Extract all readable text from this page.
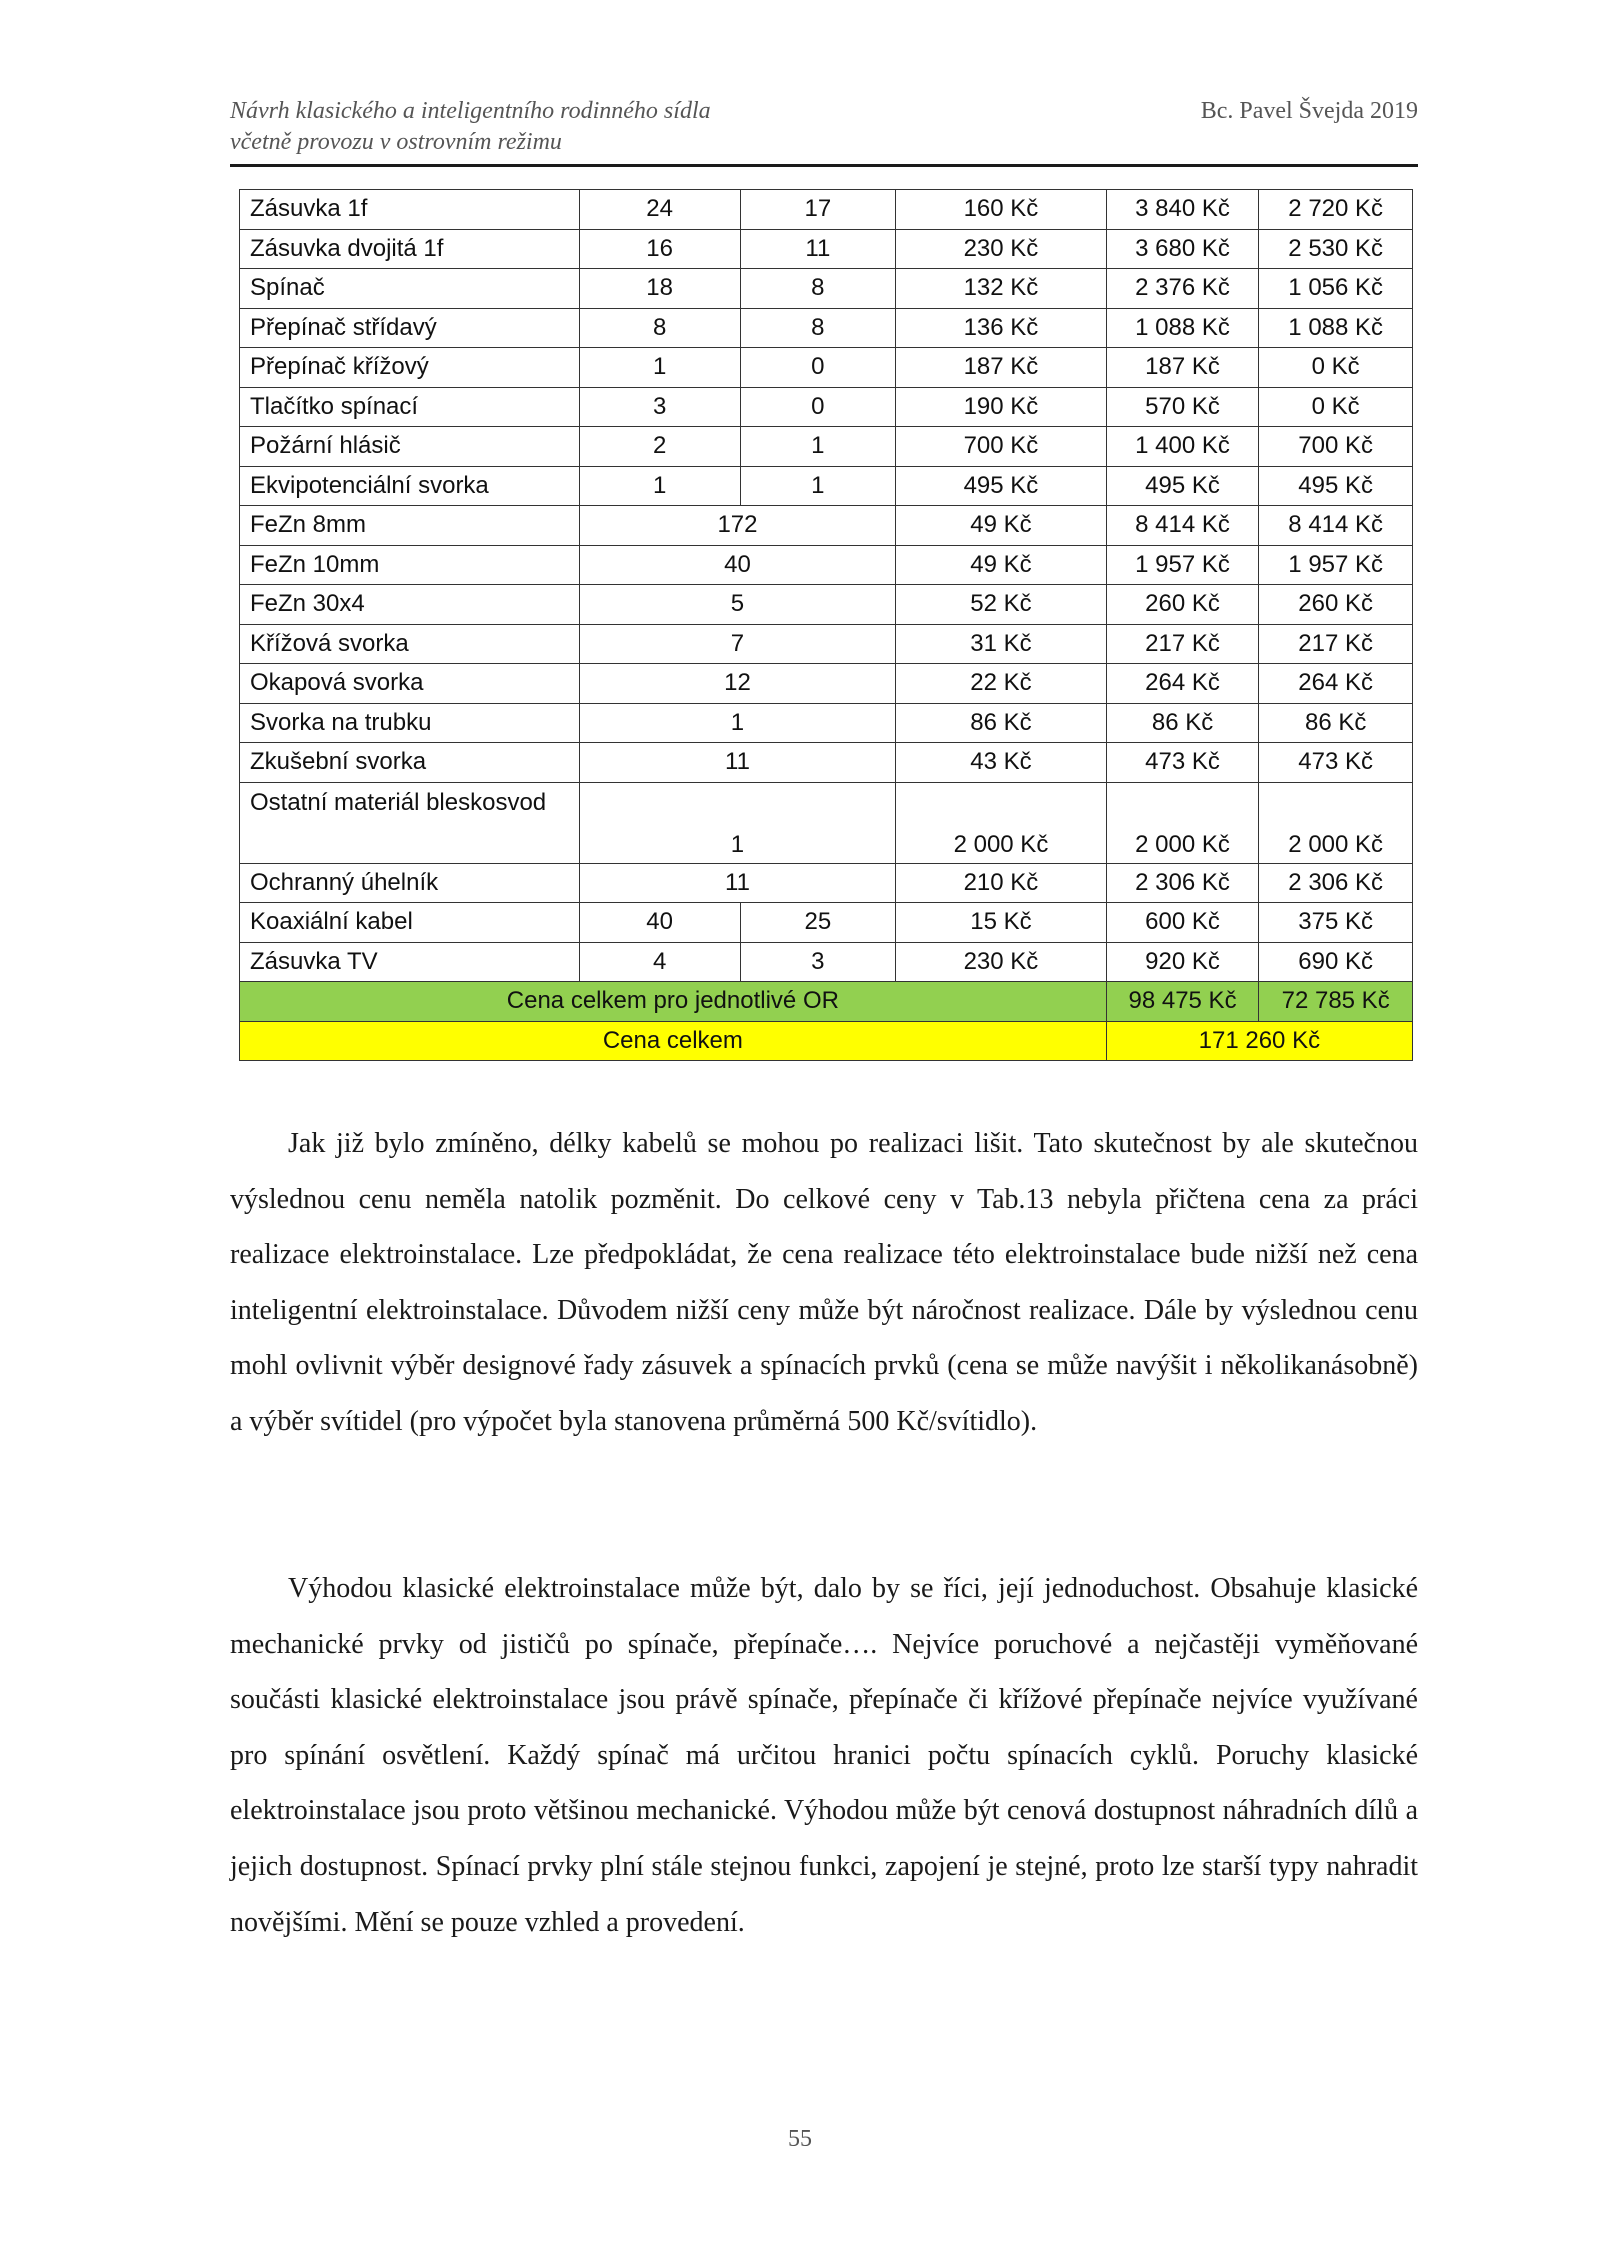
Návrh klasického a inteligentního rodinného sídla
včetně provozu v ostrovním režimu
Bc. Pavel Švejda 2019
Zásuvka 1f	24	17	160 Kč	3 840 Kč	2 720 Kč
Zásuvka dvojitá 1f	16	11	230 Kč	3 680 Kč	2 530 Kč
Spínač	18	8	132 Kč	2 376 Kč	1 056 Kč
Přepínač střídavý	8	8	136 Kč	1 088 Kč	1 088 Kč
Přepínač křížový	1	0	187 Kč	187 Kč	0 Kč
Tlačítko spínací	3	0	190 Kč	570 Kč	0 Kč
Požární hlásič	2	1	700 Kč	1 400 Kč	700 Kč
Ekvipotenciální svorka	1	1	495 Kč	495 Kč	495 Kč
FeZn 8mm	172		49 Kč	8 414 Kč	8 414 Kč
FeZn 10mm	40		49 Kč	1 957 Kč	1 957 Kč
FeZn 30x4	5		52 Kč	260 Kč	260 Kč
Křížová svorka	7		31 Kč	217 Kč	217 Kč
Okapová svorka	12		22 Kč	264 Kč	264 Kč
Svorka na trubku	1		86 Kč	86 Kč	86 Kč
Zkušební svorka	11		43 Kč	473 Kč	473 Kč
Ostatní materiál bleskosvod	1		2 000 Kč	2 000 Kč	2 000 Kč
Ochranný úhelník	11		210 Kč	2 306 Kč	2 306 Kč
Koaxiální kabel	40	25	15 Kč	600 Kč	375 Kč
Zásuvka TV	4	3	230 Kč	920 Kč	690 Kč
Cena celkem pro jednotlivé OR				98 475 Kč	72 785 Kč
Cena celkem				171 260 Kč	
Jak již bylo zmíněno, délky kabelů se mohou po realizaci lišit. Tato skutečnost by ale skutečnou výslednou cenu neměla natolik pozměnit. Do celkové ceny v Tab.13 nebyla přičtena cena za práci realizace elektroinstalace. Lze předpokládat, že cena realizace této elektroinstalace bude nižší než cena inteligentní elektroinstalace. Důvodem nižší ceny může být náročnost realizace. Dále by výslednou cenu mohl ovlivnit výběr designové řady zásuvek a spínacích prvků (cena se může navýšit i několikanásobně) a výběr svítidel (pro výpočet byla stanovena průměrná 500 Kč/svítidlo).
Výhodou klasické elektroinstalace může být, dalo by se říci, její jednoduchost. Obsahuje klasické mechanické prvky od jističů po spínače, přepínače…. Nejvíce poruchové a nejčastěji vyměňované součásti klasické elektroinstalace jsou právě spínače, přepínače či křížové přepínače nejvíce využívané pro spínání osvětlení. Každý spínač má určitou hranici počtu spínacích cyklů. Poruchy klasické elektroinstalace jsou proto většinou mechanické. Výhodou může být cenová dostupnost náhradních dílů a jejich dostupnost. Spínací prvky plní stále stejnou funkci, zapojení je stejné, proto lze starší typy nahradit novějšími. Mění se pouze vzhled a provedení.
55
